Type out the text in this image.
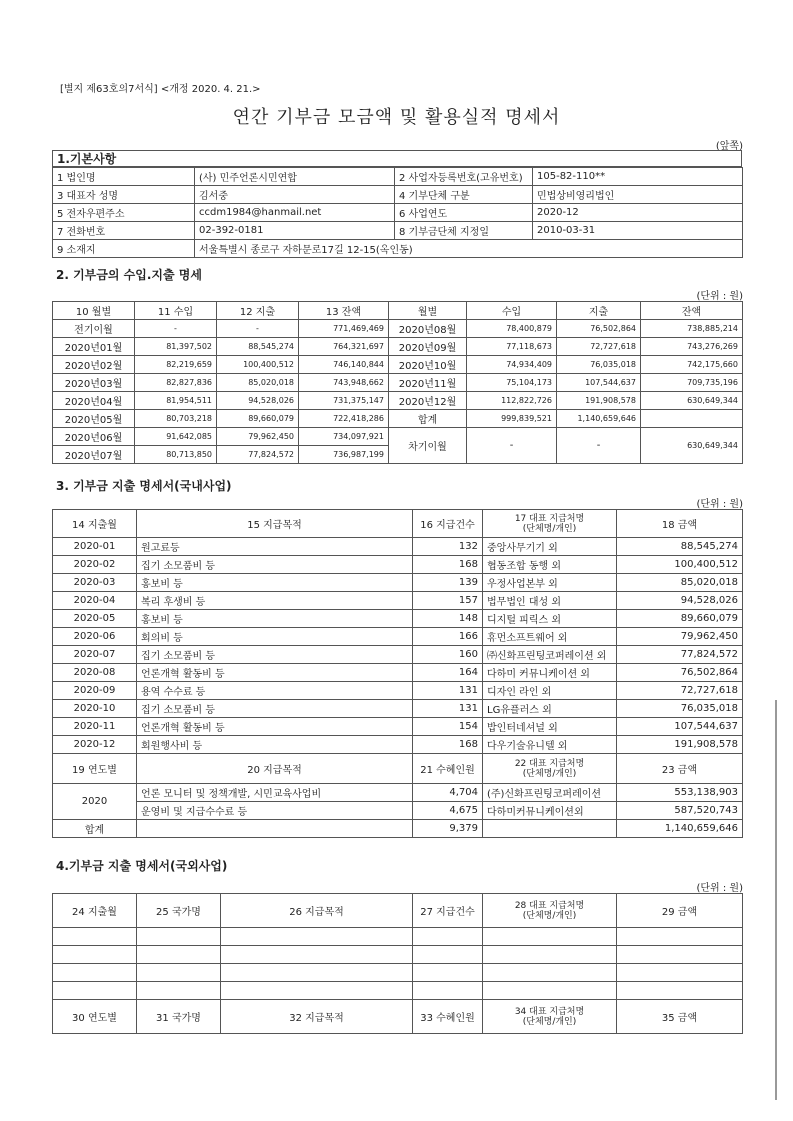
[별지 제63호의7서식] <개정 2020. 4. 21.>
연간 기부금 모금액 및 활용실적 명세서
(앞쪽)
1.기본사항
1 법인명	(사) 민주언론시민연합	2 사업자등록번호(고유번호)	105-82-110**
3 대표자 성명	김서중	4 기부단체 구분	민법상비영리법인
5 전자우편주소	ccdm1984@hanmail.net	6 사업연도	2020-12
7 전화번호	02-392-0181	8 기부금단체 지정일	2010-03-31
9 소재지	서울특별시 종로구 자하문로17길 12-15(옥인동)		
2. 기부금의 수입.지출 명세
(단위 : 원)
10 월별	11 수입	12 지출	13 잔액	월별	수입	지출	잔액
전기이월	-	-	771,469,469	2020년08월	78,400,879	76,502,864	738,885,214
2020년01월	81,397,502	88,545,274	764,321,697	2020년09월	77,118,673	72,727,618	743,276,269
2020년02월	82,219,659	100,400,512	746,140,844	2020년10월	74,934,409	76,035,018	742,175,660
2020년03월	82,827,836	85,020,018	743,948,662	2020년11월	75,104,173	107,544,637	709,735,196
2020년04월	81,954,511	94,528,026	731,375,147	2020년12월	112,822,726	191,908,578	630,649,344
2020년05월	80,703,218	89,660,079	722,418,286	합계	999,839,521	1,140,659,646	
2020년06월	91,642,085	79,962,450	734,097,921	차기이월	-	-	630,649,344
2020년07월	80,713,850	77,824,572	736,987,199				
3. 기부금 지출 명세서(국내사업)
(단위 : 원)
14 지출월	15 지급목적	16 지급건수	17 대표 지급처명
(단체명/개인)	18 금액
2020-01	원고료등	132	중앙사무기기 외	88,545,274
2020-02	집기 소모품비 등	168	협동조합 동행 외	100,400,512
2020-03	홍보비 등	139	우정사업본부 외	85,020,018
2020-04	복리 후생비 등	157	법무법인 대성 외	94,528,026
2020-05	홍보비 등	148	디지털 피릭스 외	89,660,079
2020-06	회의비 등	166	휴먼소프트웨어 외	79,962,450
2020-07	집기 소모품비 등	160	㈜신화프린팅코퍼레이션 외	77,824,572
2020-08	언론개혁 활동비 등	164	다하미 커뮤니케이션 외	76,502,864
2020-09	용역 수수료 등	131	디자인 라인 외	72,727,618
2020-10	집기 소모품비 등	131	LG유플러스 외	76,035,018
2020-11	언론개혁 활동비 등	154	밥인터네셔널 외	107,544,637
2020-12	회원행사비 등	168	다우기술유니텔 외	191,908,578
19 연도별	20 지급목적	21 수혜인원	22 대표 지급처명
(단체명/개인)	23 금액
2020	언론 모니터 및 정책개발, 시민교육사업비	4,704	(주)신화프린팅코퍼레이션	553,138,903
	운영비 및 지급수수료 등	4,675	다하미커뮤니케이션외	587,520,743
합계		9,379		1,140,659,646
4.기부금 지출 명세서(국외사업)
(단위 : 원)
24 지출월	25 국가명	26 지급목적	27 지급건수	28 대표 지급처명
(단체명/개인)	29 금액

30 연도별	31 국가명	32 지급목적	33 수혜인원	34 대표 지급처명
(단체명/개인)	35 금액
